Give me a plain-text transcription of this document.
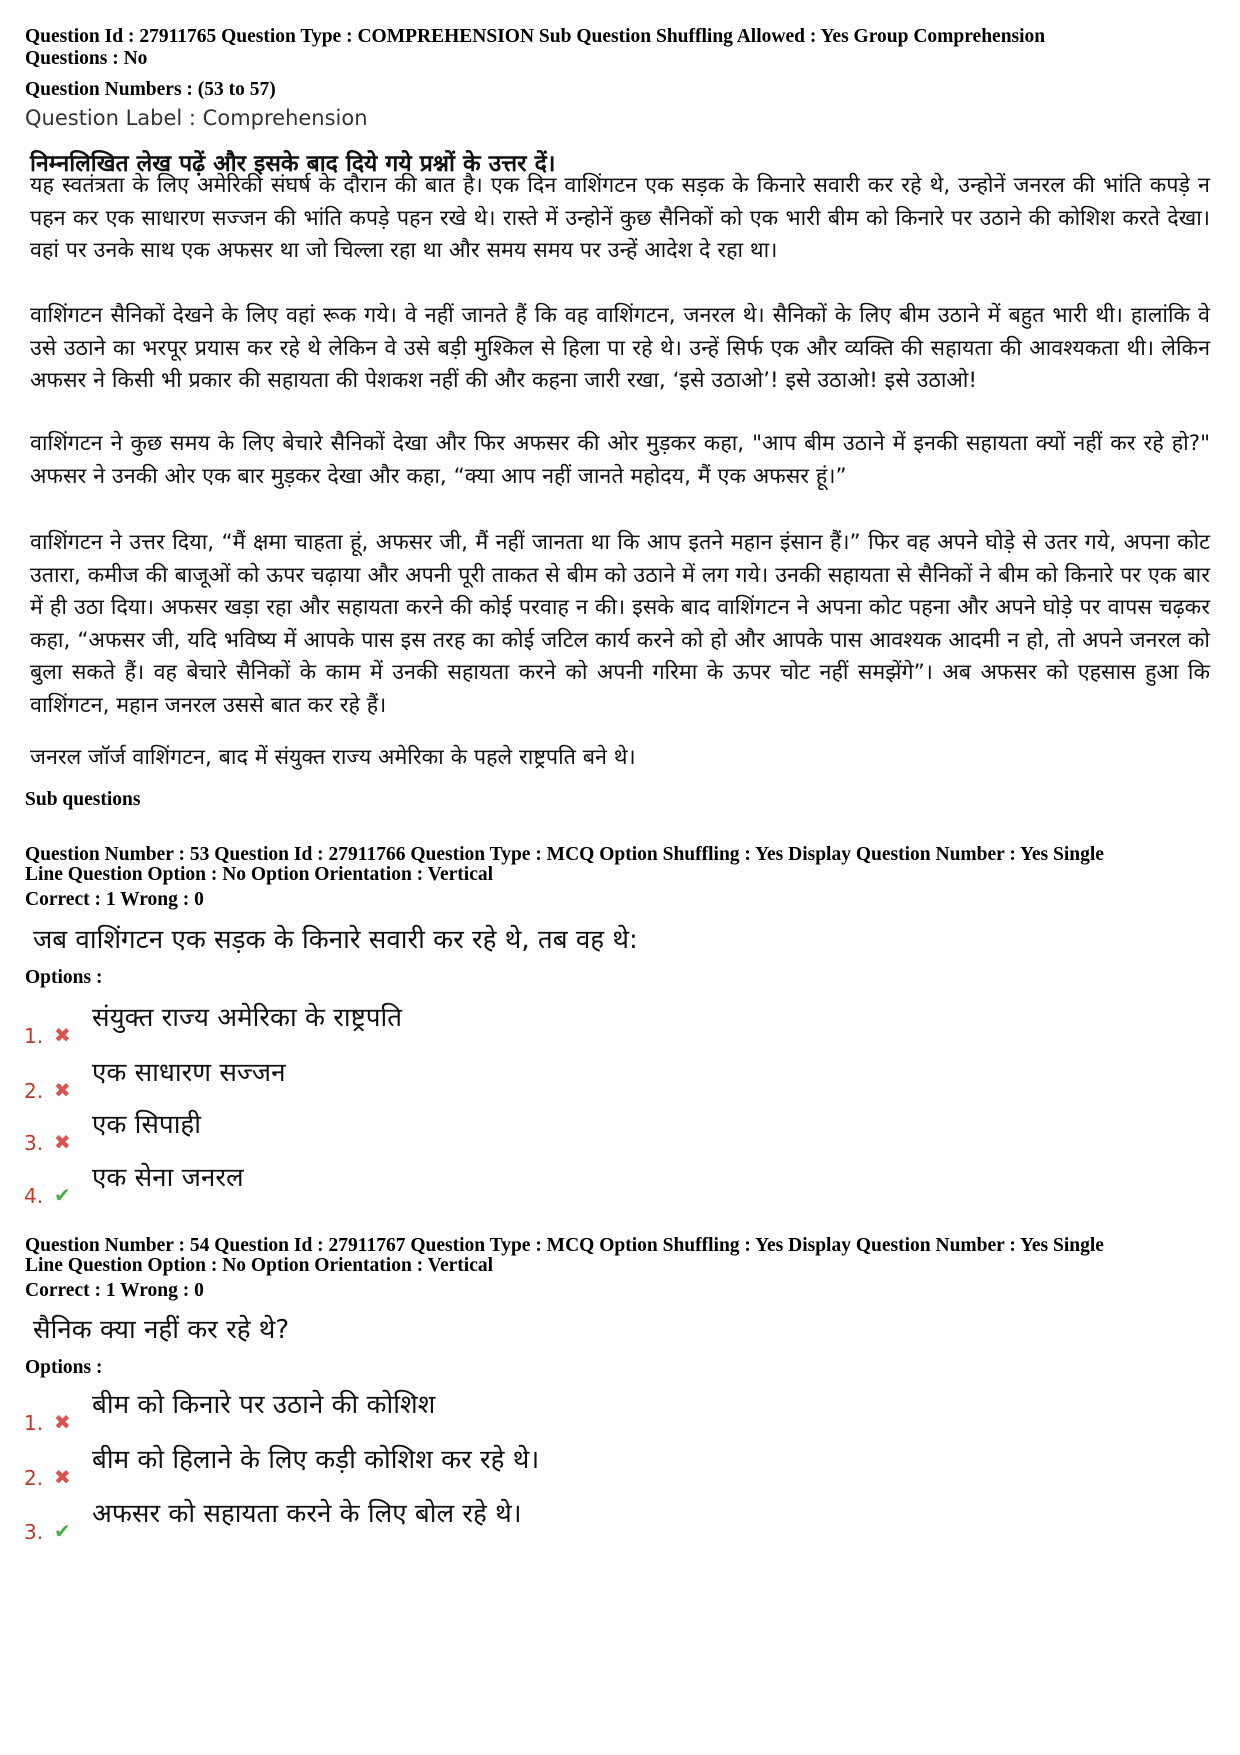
Question Id : 27911765 Question Type : COMPREHENSION Sub Question Shuffling Allowed : Yes Group Comprehension
Questions : No
Question Numbers : (53 to 57)
Question Label : Comprehension
निम्नलिखित लेख पढ़ें और इसके बाद दिये गये प्रश्नों के उत्तर दें।
यह स्वतंत्रता के लिए अमेरिकी संघर्ष के दौरान की बात है। एक दिन वाशिंगटन एक सड़क के किनारे सवारी कर रहे थे, उन्होनें जनरल की भांति कपड़े न पहन कर एक साधारण सज्जन की भांति कपड़े पहन रखे थे। रास्ते में उन्होनें कुछ सैनिकों को एक भारी बीम को किनारे पर उठाने की कोशिश करते देखा। वहां पर उनके साथ एक अफसर था जो चिल्ला रहा था और समय समय पर उन्हें आदेश दे रहा था।
वाशिंगटन सैनिकों देखने के लिए वहां रूक गये। वे नहीं जानते हैं कि वह वाशिंगटन, जनरल थे। सैनिकों के लिए बीम उठाने में बहुत भारी थी। हालांकि वे उसे उठाने का भरपूर प्रयास कर रहे थे लेकिन वे उसे बड़ी मुश्किल से हिला पा रहे थे। उन्हें सिर्फ एक और व्यक्ति की सहायता की आवश्यकता थी। लेकिन अफसर ने किसी भी प्रकार की सहायता की पेशकश नहीं की और कहना जारी रखा, ‘इसे उठाओ’! इसे उठाओ! इसे उठाओ!
वाशिंगटन ने कुछ समय के लिए बेचारे सैनिकों देखा और फिर अफसर की ओर मुड़कर कहा, "आप बीम उठाने में इनकी सहायता क्यों नहीं कर रहे हो?" अफसर ने उनकी ओर एक बार मुड़कर देखा और कहा, “क्या आप नहीं जानते महोदय, मैं एक अफसर हूं।”
वाशिंगटन ने उत्तर दिया, “मैं क्षमा चाहता हूं, अफसर जी, मैं नहीं जानता था कि आप इतने महान इंसान हैं।” फिर वह अपने घोड़े से उतर गये, अपना कोट उतारा, कमीज की बाजूओं को ऊपर चढ़ाया और अपनी पूरी ताकत से बीम को उठाने में लग गये। उनकी सहायता से सैनिकों ने बीम को किनारे पर एक बार में ही उठा दिया। अफसर खड़ा रहा और सहायता करने की कोई परवाह न की। इसके बाद वाशिंगटन ने अपना कोट पहना और अपने घोड़े पर वापस चढ़कर कहा, “अफसर जी, यदि भविष्य में आपके पास इस तरह का कोई जटिल कार्य करने को हो और आपके पास आवश्यक आदमी न हो, तो अपने जनरल को बुला सकते हैं। वह बेचारे सैनिकों के काम में उनकी सहायता करने को अपनी गरिमा के ऊपर चोट नहीं समझेंगे”। अब अफसर को एहसास हुआ कि वाशिंगटन, महान जनरल उससे बात कर रहे हैं।
जनरल जॉर्ज वाशिंगटन, बाद में संयुक्त राज्य अमेरिका के पहले राष्ट्रपति बने थे।
Sub questions
Question Number : 53 Question Id : 27911766 Question Type : MCQ Option Shuffling : Yes Display Question Number : Yes Single
Line Question Option : No Option Orientation : Vertical
Correct : 1 Wrong : 0
जब वाशिंगटन एक सड़क के किनारे सवारी कर रहे थे, तब वह थे:
Options :
1. ✖
संयुक्त राज्य अमेरिका के राष्ट्रपति
2. ✖
एक साधारण सज्जन
3. ✖
एक सिपाही
4. ✔
एक सेना जनरल
Question Number : 54 Question Id : 27911767 Question Type : MCQ Option Shuffling : Yes Display Question Number : Yes Single
Line Question Option : No Option Orientation : Vertical
Correct : 1 Wrong : 0
सैनिक क्या नहीं कर रहे थे?
Options :
1. ✖
बीम को किनारे पर उठाने की कोशिश
2. ✖
बीम को हिलाने के लिए कड़ी कोशिश कर रहे थे।
3. ✔
अफसर को सहायता करने के लिए बोल रहे थे।
